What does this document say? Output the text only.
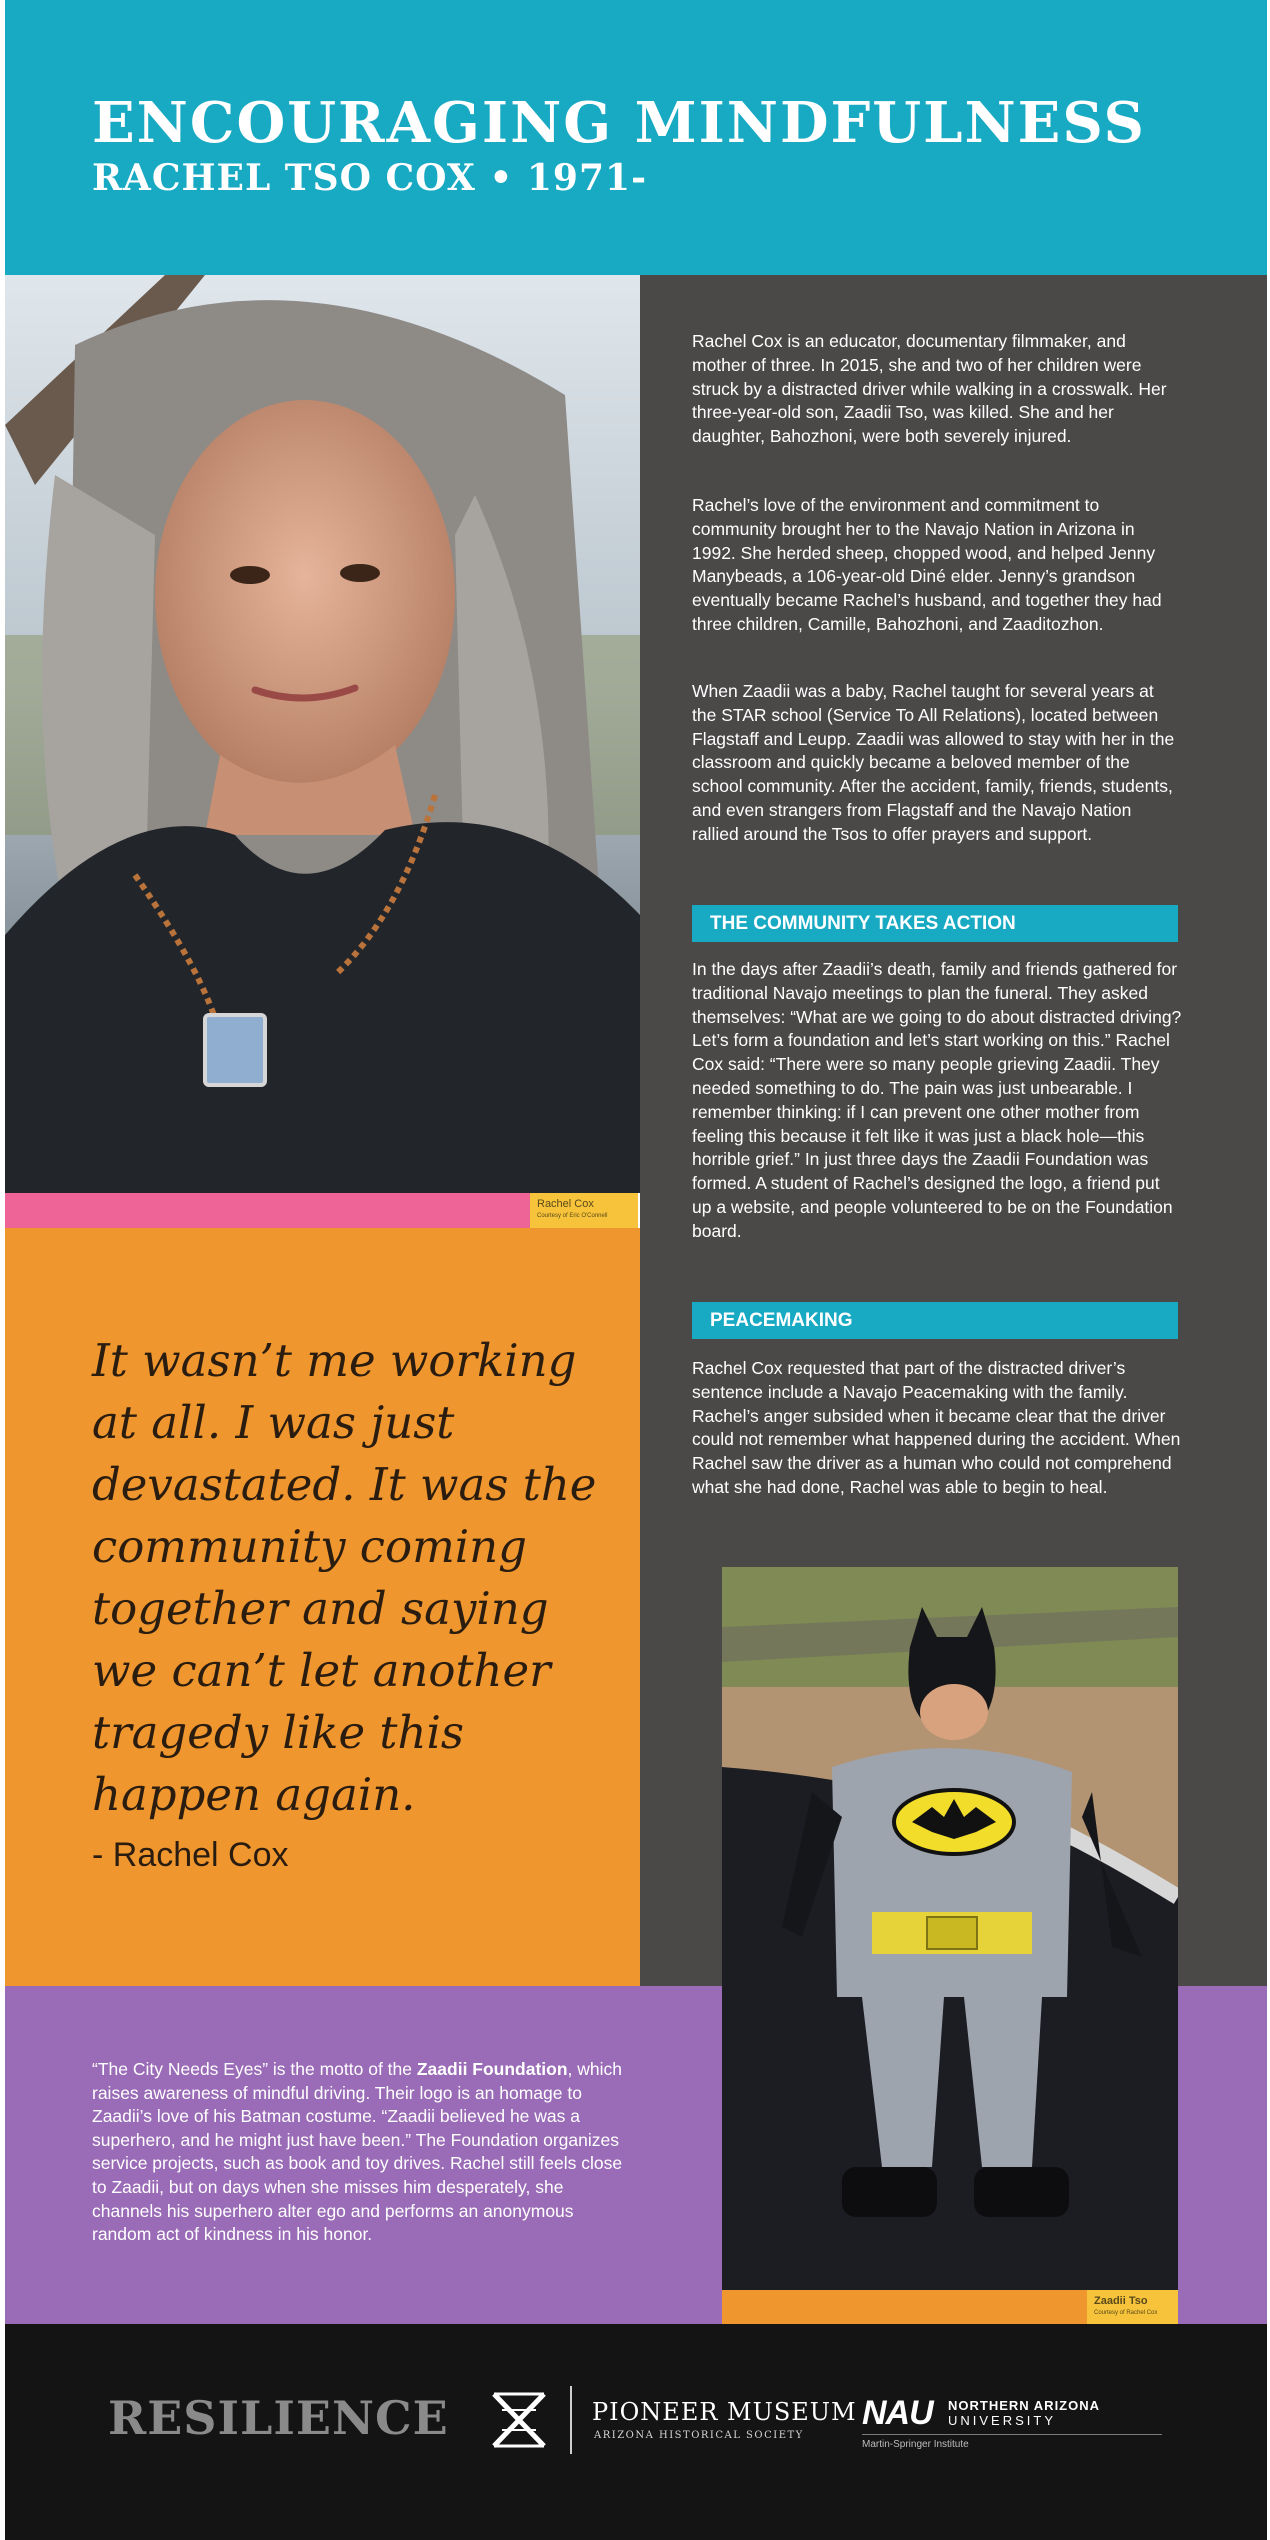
ENCOURAGING MINDFULNESS
RACHEL TSO COX • 1971-
Rachel Cox
Courtesy of Eric O'Connell

Rachel Cox is an educator, documentary filmmaker, and mother of three. In 2015, she and two of her children were struck by a distracted driver while walking in a crosswalk. Her three-year-old son, Zaadii Tso, was killed. She and her daughter, Bahozhoni, were both severely injured.

Rachel’s love of the environment and commitment to community brought her to the Navajo Nation in Arizona in 1992. She herded sheep, chopped wood, and helped Jenny Manybeads, a 106-year-old Diné elder. Jenny’s grandson eventually became Rachel’s husband, and together they had three children, Camille, Bahozhoni, and Zaaditozhon.

When Zaadii was a baby, Rachel taught for several years at the STAR school (Service To All Relations), located between Flagstaff and Leupp. Zaadii was allowed to stay with her in the classroom and quickly became a beloved member of the school community. After the accident, family, friends, students, and even strangers from Flagstaff and the Navajo Nation rallied around the Tsos to offer prayers and support.

THE COMMUNITY TAKES ACTION

In the days after Zaadii’s death, family and friends gathered for traditional Navajo meetings to plan the funeral. They asked themselves: “What are we going to do about distracted driving? Let’s form a foundation and let’s start working on this.” Rachel Cox said: “There were so many people grieving Zaadii. They needed something to do. The pain was just unbearable. I remember thinking: if I can prevent one other mother from feeling this because it felt like it was just a black hole—this horrible grief.” In just three days the Zaadii Foundation was formed. A student of Rachel’s designed the logo, a friend put up a website, and people volunteered to be on the Foundation board.

PEACEMAKING

Rachel Cox requested that part of the distracted driver’s sentence include a Navajo Peacemaking with the family. Rachel’s anger subsided when it became clear that the driver could not remember what happened during the accident. When Rachel saw the driver as a human who could not comprehend what she had done, Rachel was able to begin to heal.

It wasn’t me working at all. I was just devastated. It was the community coming together and saying we can’t let another tragedy like this happen again.

- Rachel Cox

“The City Needs Eyes” is the motto of the Zaadii Foundation, which raises awareness of mindful driving. Their logo is an homage to Zaadii’s love of his Batman costume. “Zaadii believed he was a superhero, and he might just have been.” The Foundation organizes service projects, such as book and toy drives. Rachel still feels close to Zaadii, but on days when she misses him desperately, she channels his superhero alter ego and performs an anonymous random act of kindness in his honor.

Zaadii Tso
Courtesy of Rachel Cox

RESILIENCE	PIONEER MUSEUM

ARIZONA HISTORICAL SOCIETY

NAU NORTHERN ARIZONA

UNIVERSITY

Martin-Springer Institute
